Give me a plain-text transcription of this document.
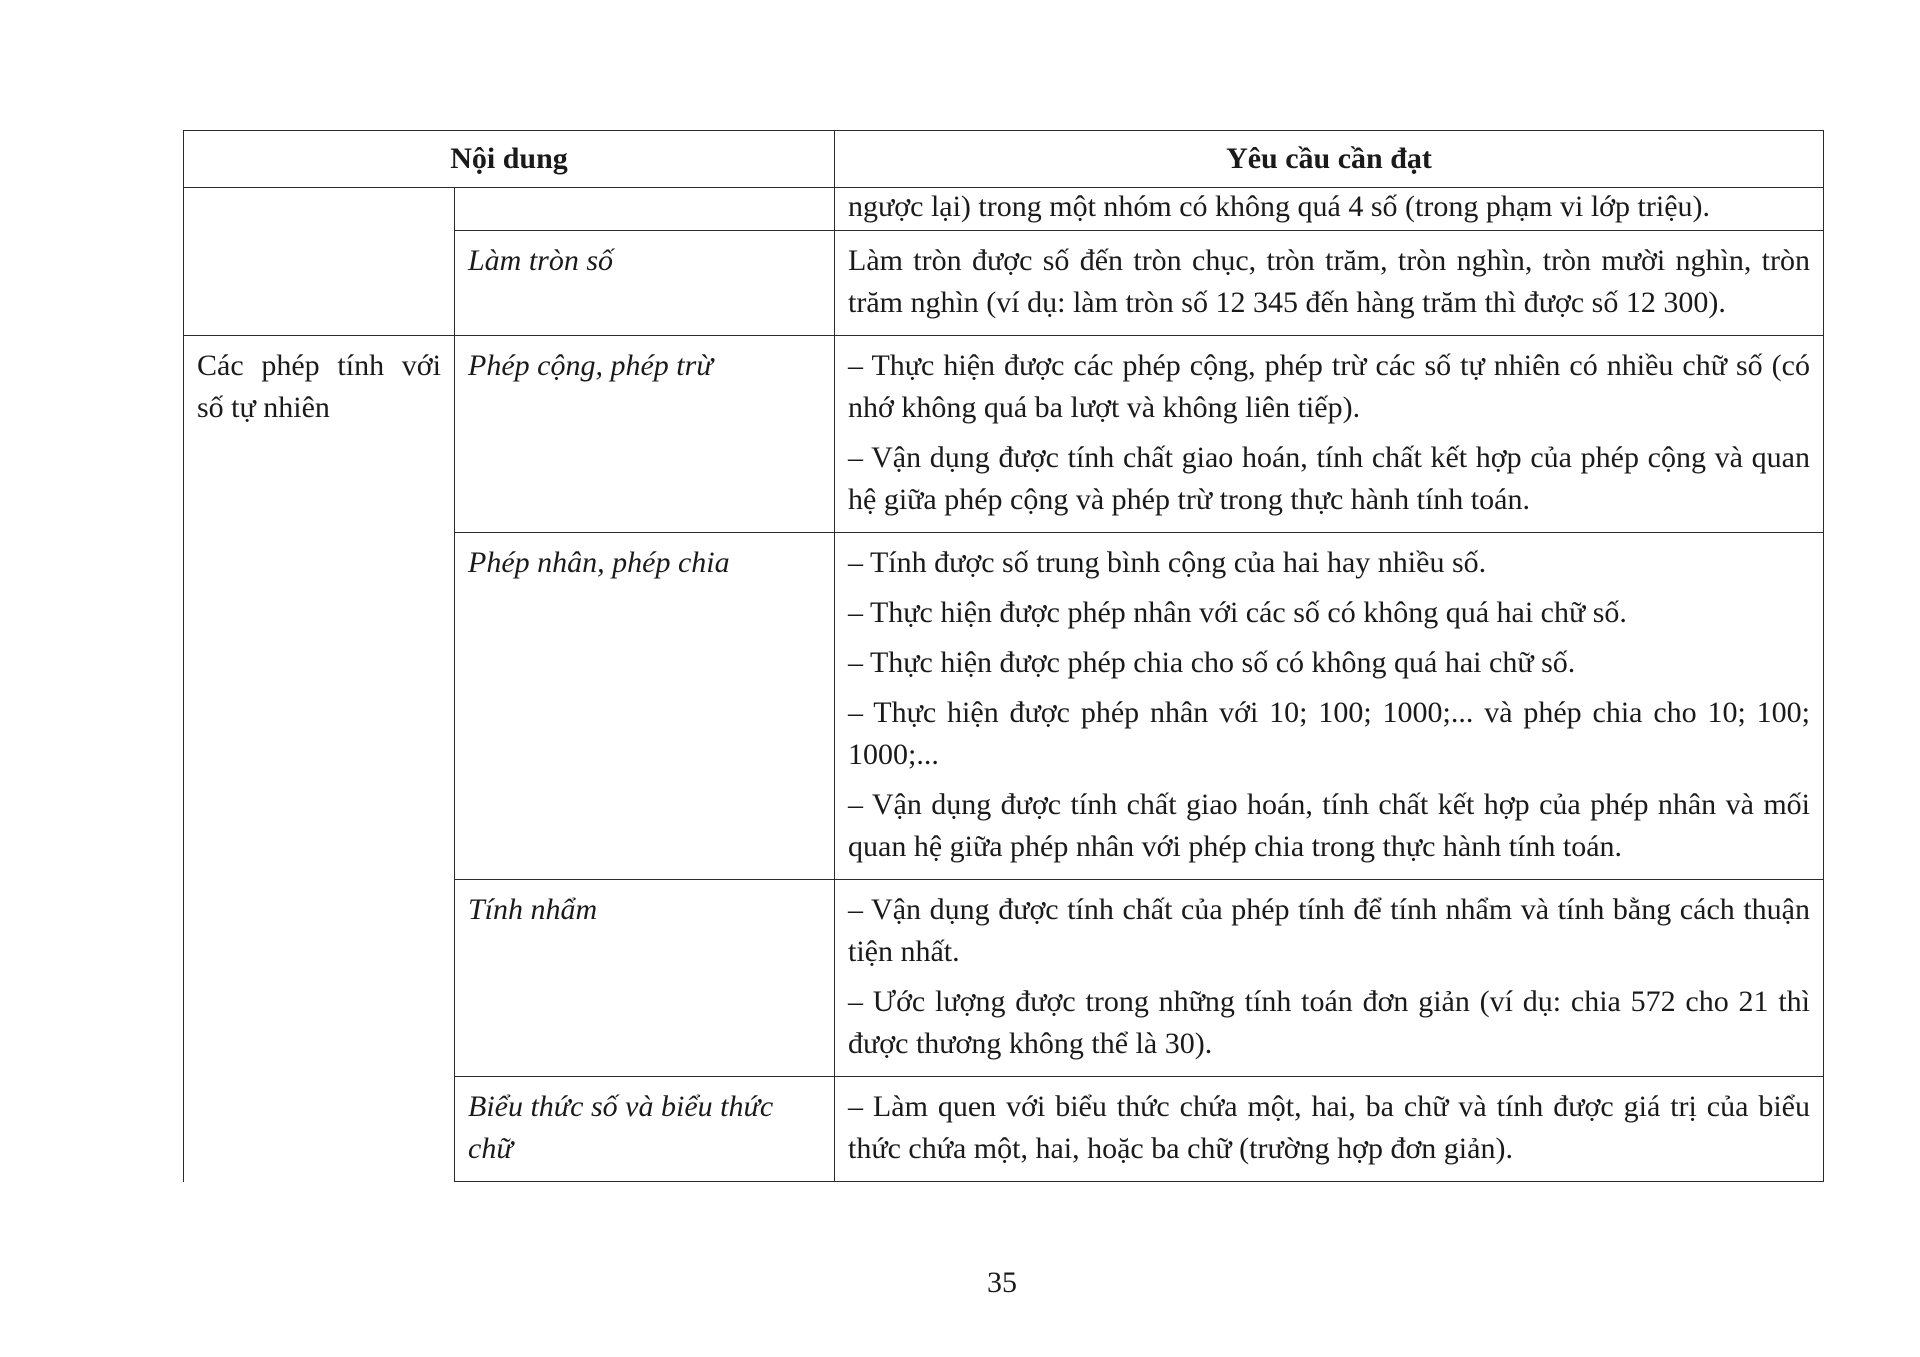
Nội dung		Yêu cầu cần đạt

		ngược lại) trong một nhóm có không quá 4 số (trong phạm vi lớp triệu).

	Làm tròn số	Làm tròn được số đến tròn chục, tròn trăm, tròn nghìn, tròn mười nghìn, tròn trăm nghìn (ví dụ: làm tròn số 12 345 đến hàng trăm thì được số 12 300).

Các phép tính với số tự nhiên	Phép cộng, phép trừ	– Thực hiện được các phép cộng, phép trừ các số tự nhiên có nhiều chữ số (có nhớ không quá ba lượt và không liên tiếp).

– Vận dụng được tính chất giao hoán, tính chất kết hợp của phép cộng và quan hệ giữa phép cộng và phép trừ trong thực hành tính toán.

	Phép nhân, phép chia	– Tính được số trung bình cộng của hai hay nhiều số.

– Thực hiện được phép nhân với các số có không quá hai chữ số.

– Thực hiện được phép chia cho số có không quá hai chữ số.

– Thực hiện được phép nhân với 10; 100; 1000;... và phép chia cho 10; 100; 1000;...

– Vận dụng được tính chất giao hoán, tính chất kết hợp của phép nhân và mối quan hệ giữa phép nhân với phép chia trong thực hành tính toán.

	Tính nhẩm	– Vận dụng được tính chất của phép tính để tính nhẩm và tính bằng cách thuận tiện nhất.

– Ước lượng được trong những tính toán đơn giản (ví dụ: chia 572 cho 21 thì được thương không thể là 30).

	Biểu thức số và biểu thức chữ	– Làm quen với biểu thức chứa một, hai, ba chữ và tính được giá trị của biểu thức chứa một, hai, hoặc ba chữ (trường hợp đơn giản).

35
